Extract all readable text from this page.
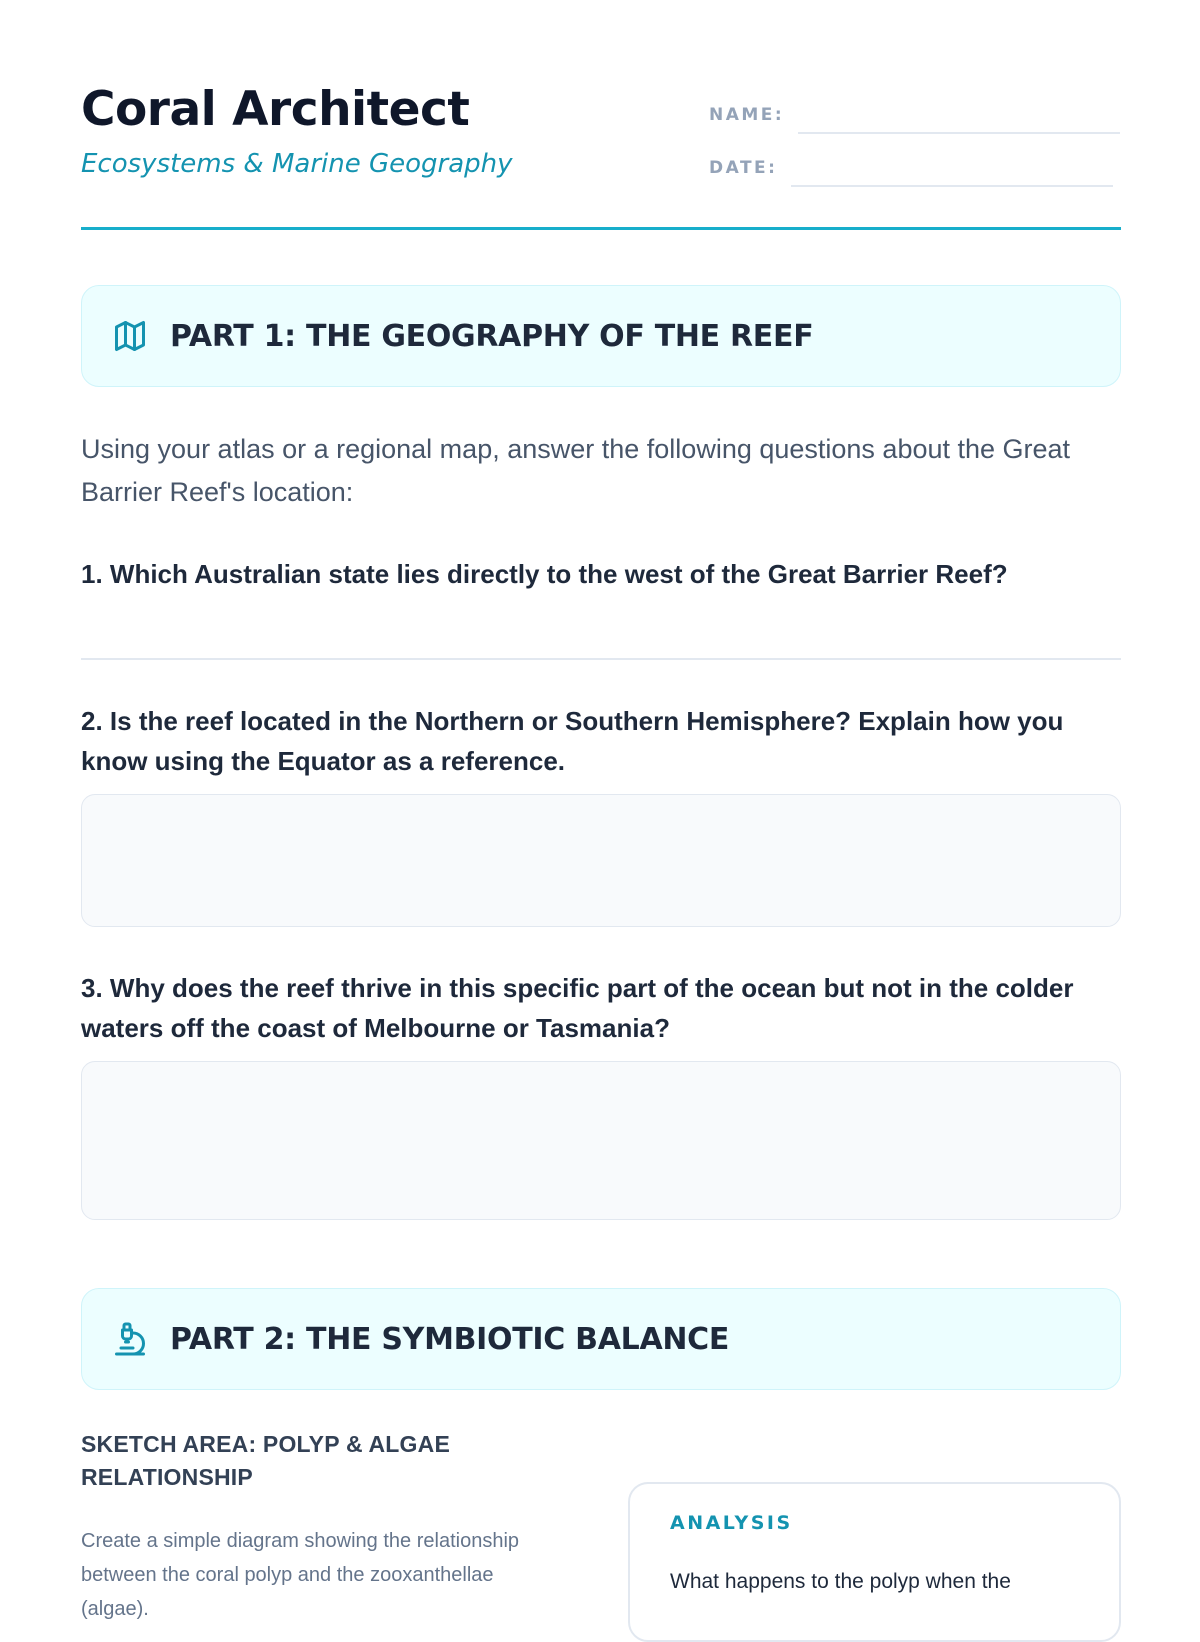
Coral Architect
Ecosystems & Marine Geography
NAME:
DATE:
PART 1: THE GEOGRAPHY OF THE REEF

Using your atlas or a regional map, answer the following questions about the Great Barrier Reef's location:

1. Which Australian state lies directly to the west of the Great Barrier Reef?

2. Is the reef located in the Northern or Southern Hemisphere? Explain how you know using the Equator as a reference.

3. Why does the reef thrive in this specific part of the ocean but not in the colder waters off the coast of Melbourne or Tasmania?

PART 2: THE SYMBIOTIC BALANCE

SKETCH AREA: POLYP & ALGAE RELATIONSHIP

Create a simple diagram showing the relationship between the coral polyp and the zooxanthellae (algae).

ANALYSIS

What happens to the polyp when the
